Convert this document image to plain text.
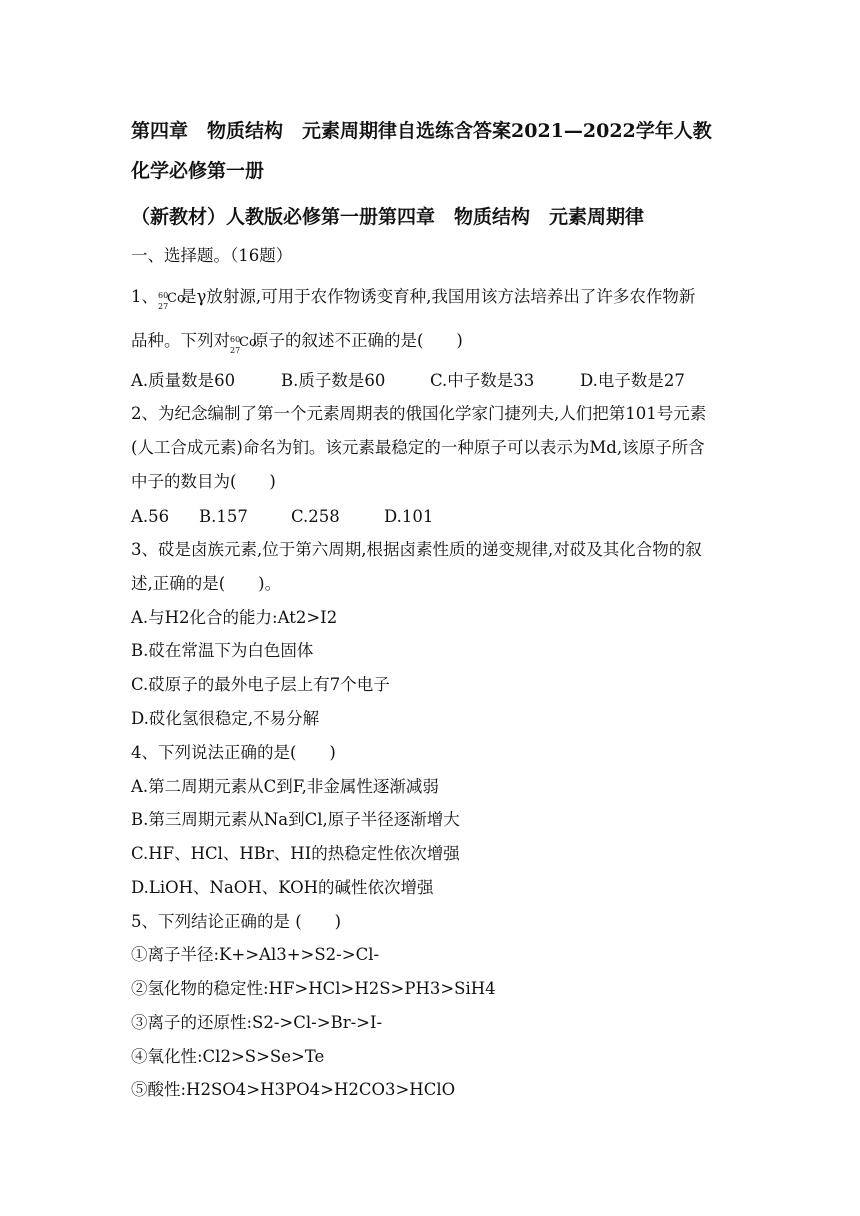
第四章　物质结构　元素周期律自选练含答案2021—2022学年人教
化学必修第一册
（新教材）人教版必修第一册第四章　物质结构　元素周期律
一、选择题。（16题）
1、 60
27
Co
是γ放射源,可用于农作物诱变育种,我国用该方法培养出了许多农作物新
品种。下列对 60
27
Co
原子的叙述不正确的是(　　)
A.质量数是60	B.质子数是60	C.中子数是33	D.电子数是27
2、为纪念编制了第一个元素周期表的俄国化学家门捷列夫,人们把第101号元素
(人工合成元素)命名为钔。该元素最稳定的一种原子可以表示为Md,该原子所含
中子的数目为(　　)
A.56 B.157	C.258	D.101
3、砹是卤族元素,位于第六周期,根据卤素性质的递变规律,对砹及其化合物的叙
述,正确的是(　　)。
A.与H2化合的能力:At2>I2
B.砹在常温下为白色固体
C.砹原子的最外电子层上有7个电子
D.砹化氢很稳定,不易分解
4、下列说法正确的是(　　)
A.第二周期元素从C到F,非金属性逐渐减弱
B.第三周期元素从Na到Cl,原子半径逐渐增大
C.HF、HCl、HBr、HI的热稳定性依次增强
D.LiOH、NaOH、KOH的碱性依次增强
5、下列结论正确的是 (　　)
①离子半径:K+>Al3+>S2->Cl-
②氢化物的稳定性:HF>HCl>H2S>PH3>SiH4
③离子的还原性:S2->Cl->Br->I-
④氧化性:Cl2>S>Se>Te
⑤酸性:H2SO4>H3PO4>H2CO3>HClO
